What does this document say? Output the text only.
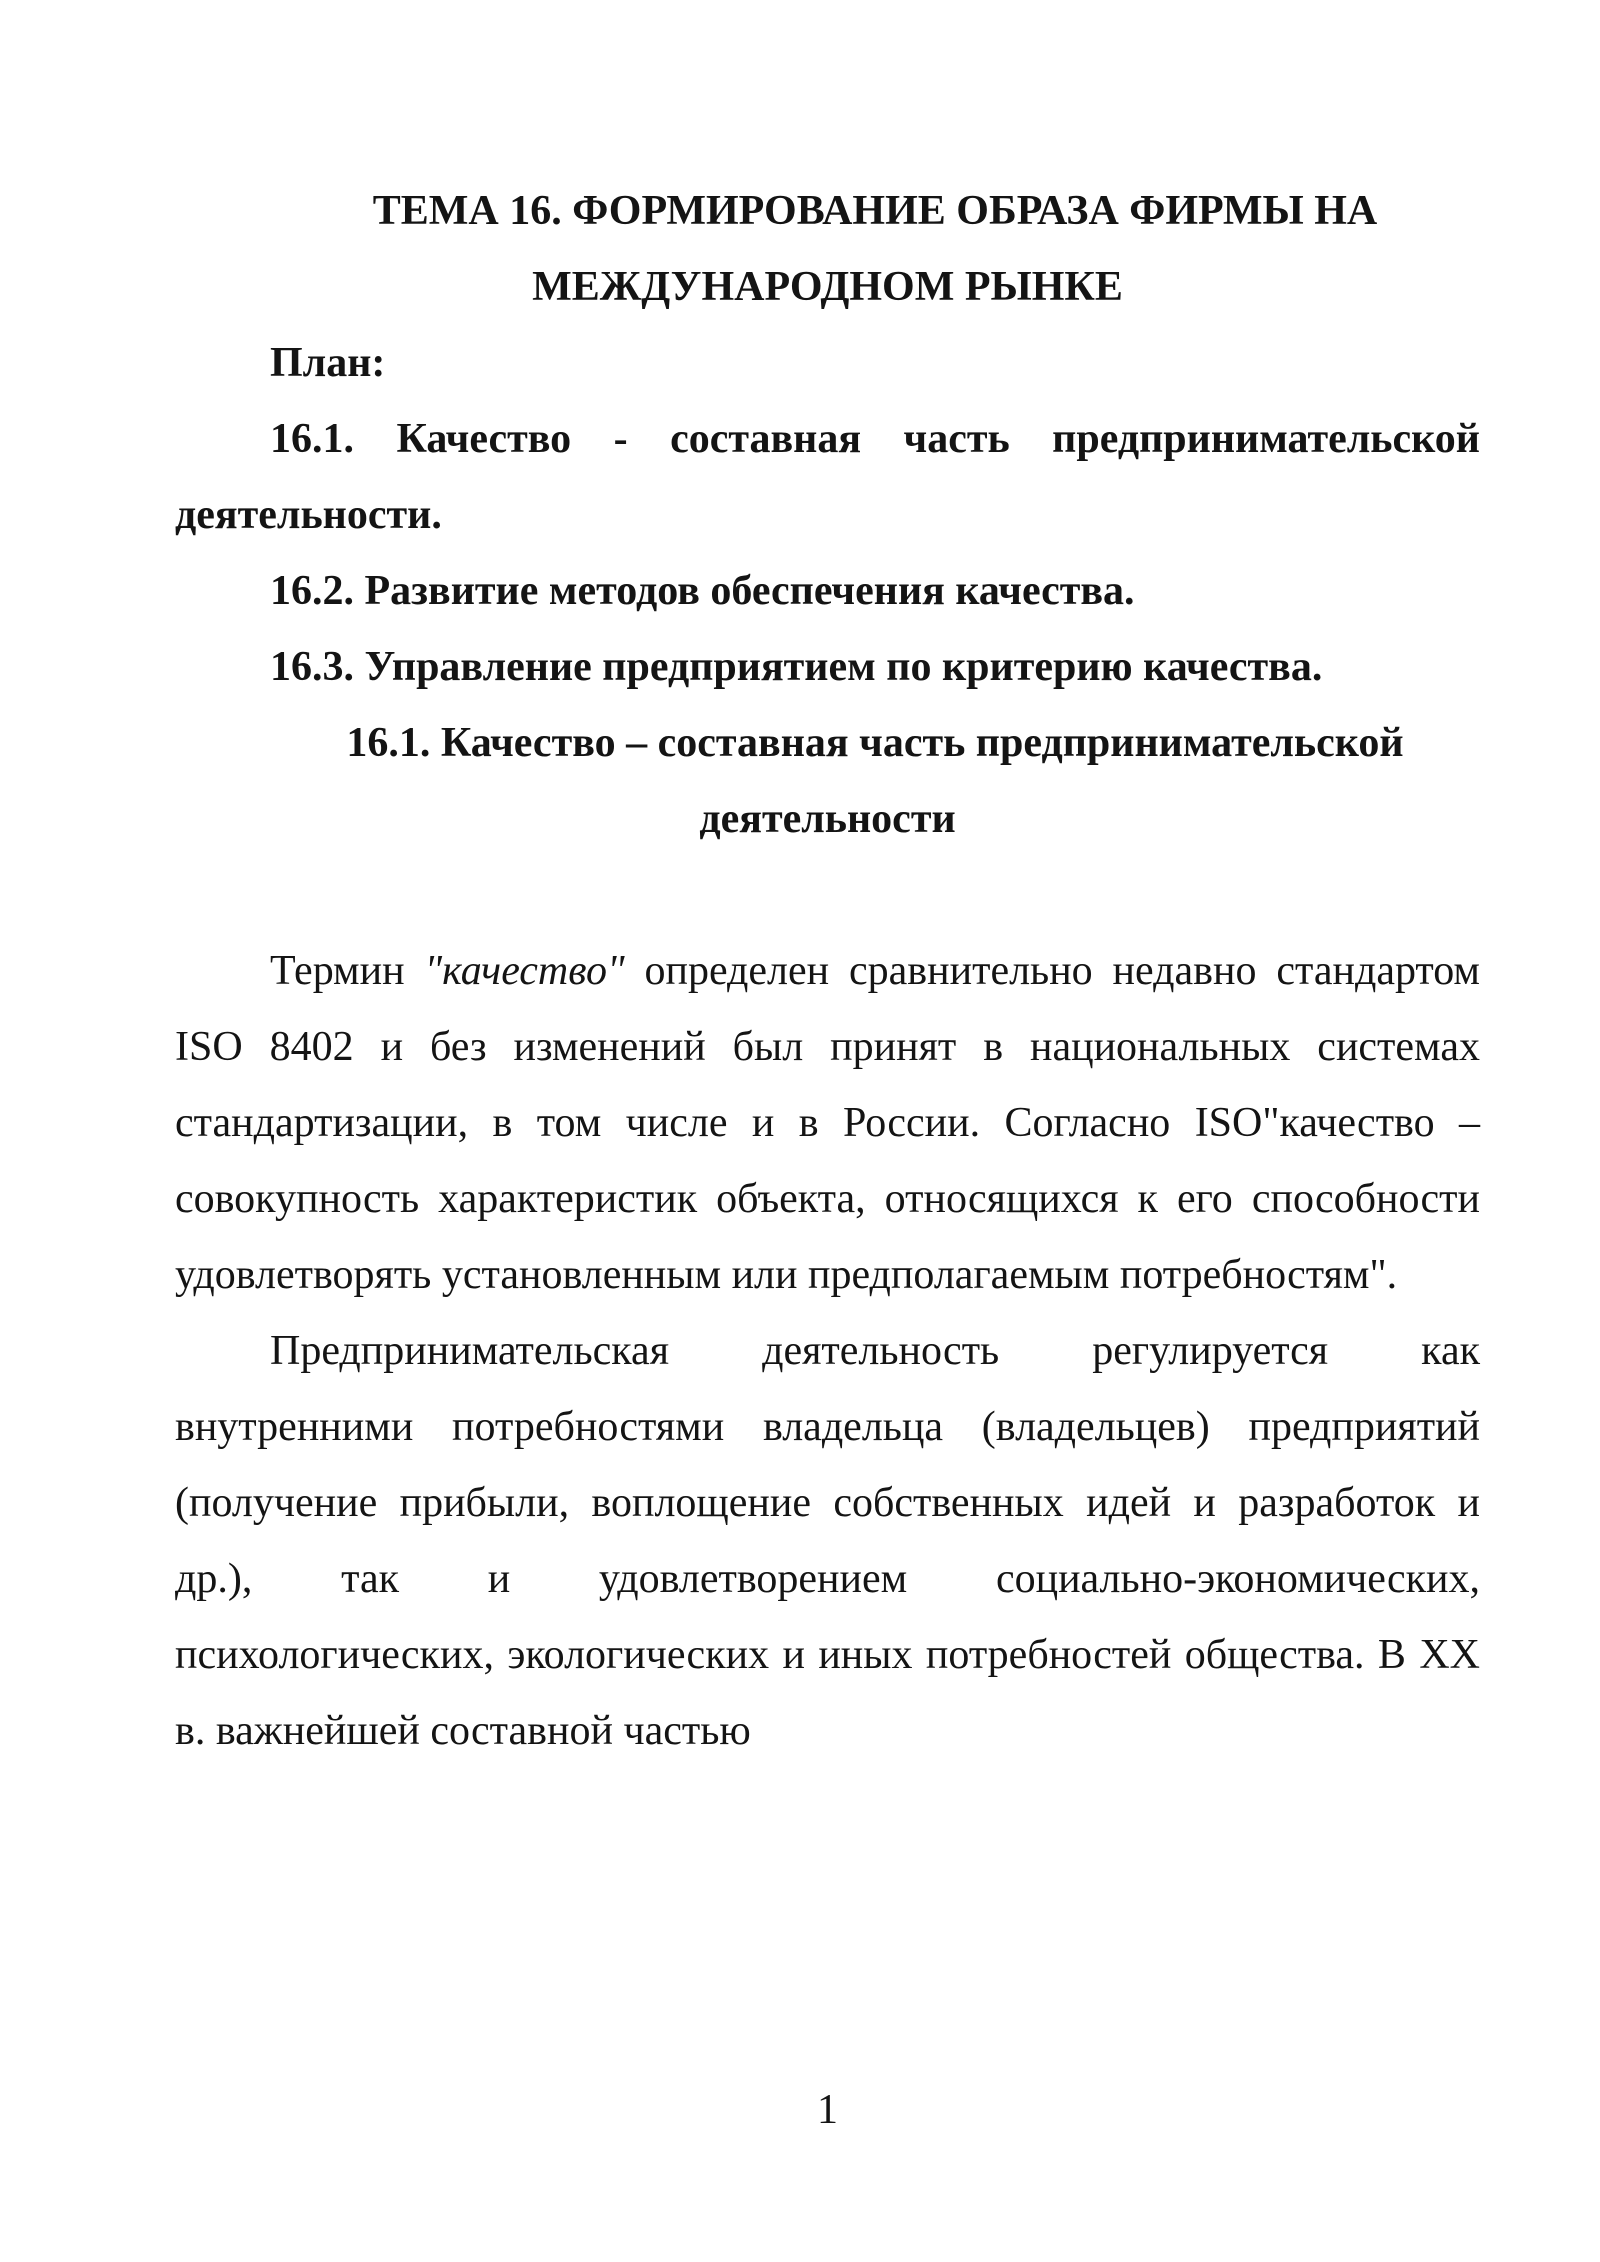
ТЕМА 16. ФОРМИРОВАНИЕ ОБРАЗА ФИРМЫ НА
МЕЖДУНАРОДНОМ РЫНКЕ

План:

16.1. Качество - составная часть предпринимательской деятельности.

16.2. Развитие методов обеспечения качества.

16.3. Управление предприятием по критерию качества.

16.1. Качество – составная часть предпринимательской
деятельности

Термин "качество" определен сравнительно недавно стандартом ISO 8402 и без изменений был принят в национальных системах стандартизации, в том числе и в России. Согласно ISO"качество – совокупность характеристик объекта, относящихся к его способности удовлетворять установленным или предполагаемым потребностям".

Предпринимательская деятельность регулируется как внутренними потребностями владельца (владельцев) предприятий (получение прибыли, воплощение собственных идей и разработок и др.), так и удовлетворением социально-экономических, психологических, экологических и иных потребностей общества. В XX в. важнейшей составной частью

1
